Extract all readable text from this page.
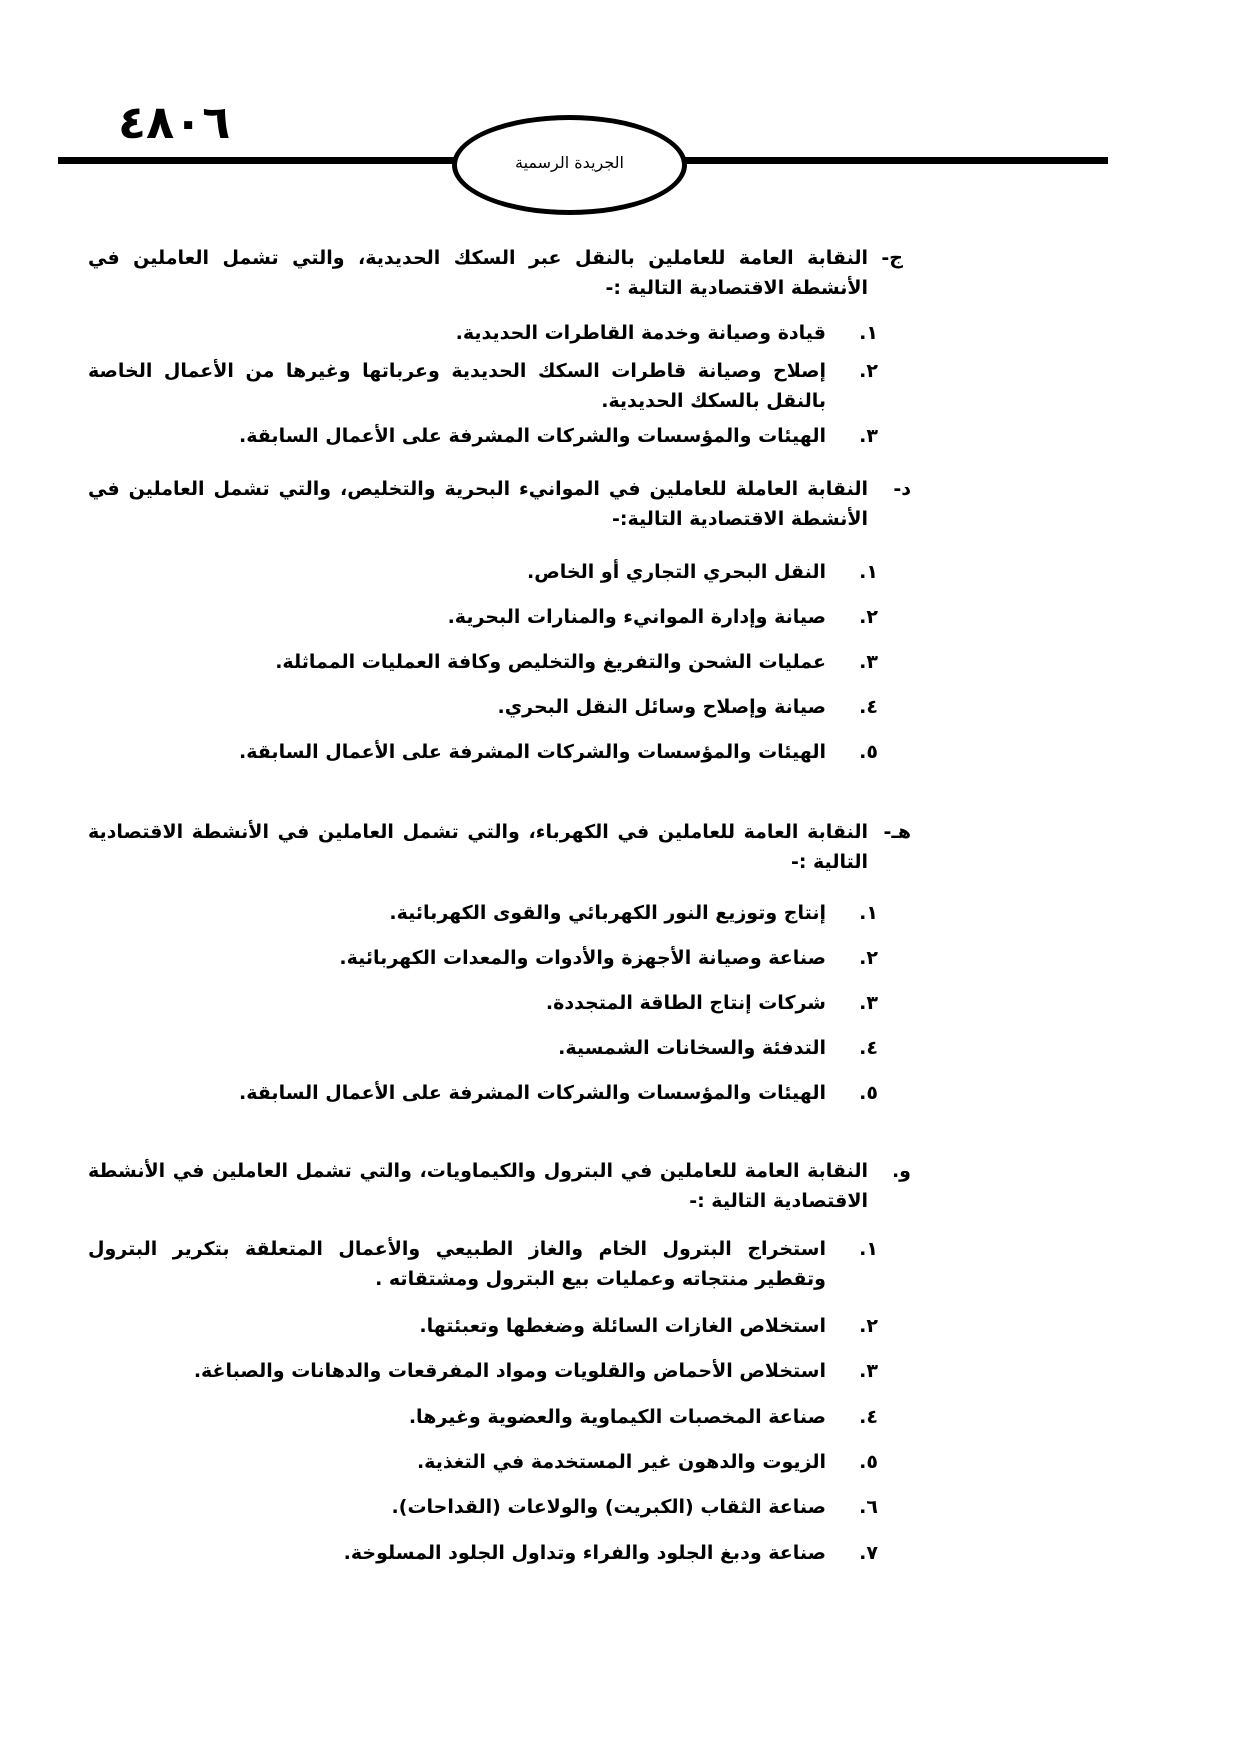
٤٨٠٦
الجريدة الرسمية
ج-
النقابة العامة للعاملين بالنقل عبر السكك الحديدية، والتي تشمل العاملين في الأنشطة الاقتصادية التالية :-
١.
قيادة وصيانة وخدمة القاطرات الحديدية.
٢.
إصلاح وصيانة قاطرات السكك الحديدية وعرباتها وغيرها من الأعمال الخاصة بالنقل بالسكك الحديدية.
٣.
الهيئات والمؤسسات والشركات المشرفة على الأعمال السابقة.
د-
النقابة العاملة للعاملين في الموانيء البحرية والتخليص، والتي تشمل العاملين في الأنشطة الاقتصادية التالية:-
١.
النقل البحري التجاري أو الخاص.
٢.
صيانة وإدارة الموانيء والمنارات البحرية.
٣.
عمليات الشحن والتفريغ والتخليص وكافة العمليات المماثلة.
٤.
صيانة وإصلاح وسائل النقل البحري.
٥.
الهيئات والمؤسسات والشركات المشرفة على الأعمال السابقة.
هـ-
النقابة العامة للعاملين في الكهرباء، والتي تشمل العاملين في الأنشطة الاقتصادية التالية :-
١.
إنتاج وتوزيع النور الكهربائي والقوى الكهربائية.
٢.
صناعة وصيانة الأجهزة والأدوات والمعدات الكهربائية.
٣.
شركات إنتاج الطاقة المتجددة.
٤.
التدفئة والسخانات الشمسية.
٥.
الهيئات والمؤسسات والشركات المشرفة على الأعمال السابقة.
و.
النقابة العامة للعاملين في البترول والكيماويات، والتي تشمل العاملين في الأنشطة الاقتصادية التالية :-
١.
استخراج البترول الخام والغاز الطبيعي والأعمال المتعلقة بتكرير البترول وتقطير منتجاته وعمليات بيع البترول ومشتقاته .
٢.
استخلاص الغازات السائلة وضغطها وتعبئتها.
٣.
استخلاص الأحماض والقلويات ومواد المفرقعات والدهانات والصباغة.
٤.
صناعة المخصبات الكيماوية والعضوية وغيرها.
٥.
الزيوت والدهون غير المستخدمة في التغذية.
٦.
صناعة الثقاب (الكبريت) والولاعات (القداحات).
٧.
صناعة ودبغ الجلود والفراء وتداول الجلود المسلوخة.
